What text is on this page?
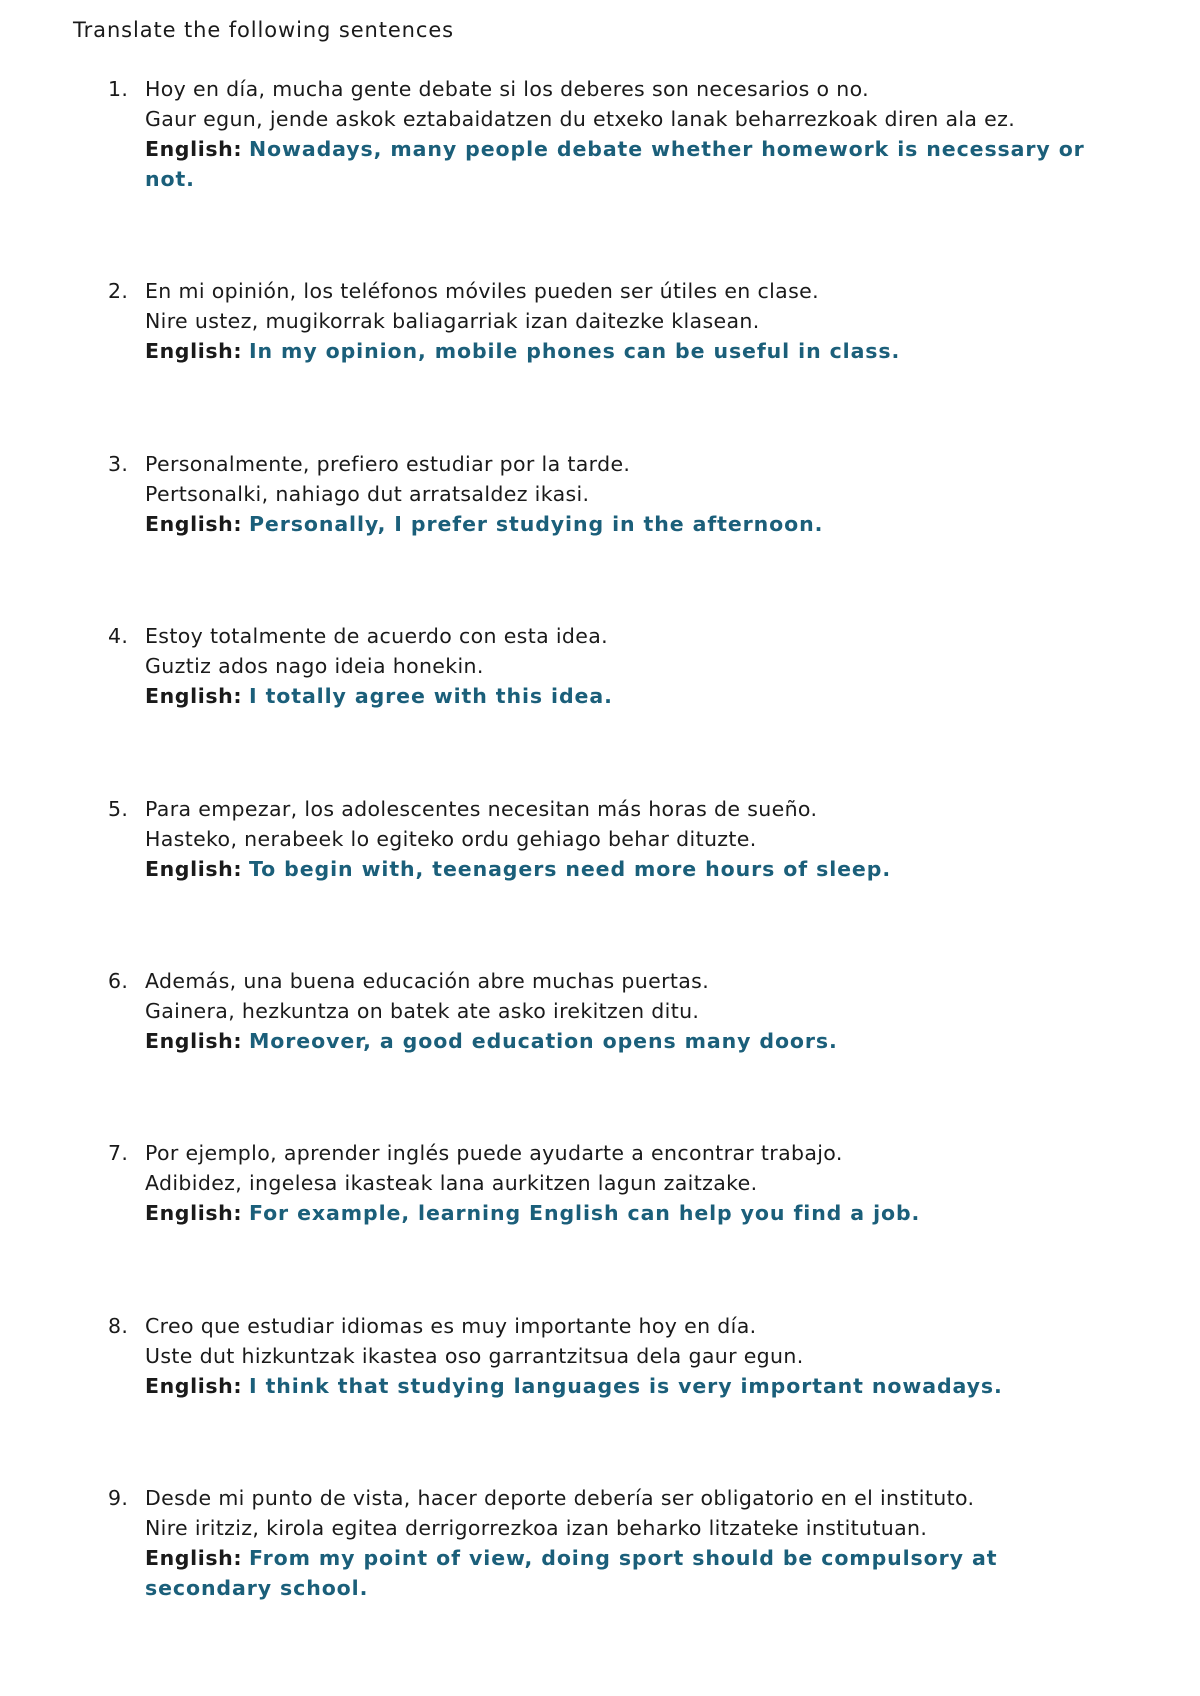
Translate the following sentences
1. Hoy en día, mucha gente debate si los deberes son necesarios o no.
Gaur egun, jende askok eztabaidatzen du etxeko lanak beharrezkoak diren ala ez.
English: Nowadays, many people debate whether homework is necessary or not.
2. En mi opinión, los teléfonos móviles pueden ser útiles en clase.
Nire ustez, mugikorrak baliagarriak izan daitezke klasean.
English: In my opinion, mobile phones can be useful in class.
3. Personalmente, prefiero estudiar por la tarde.
Pertsonalki, nahiago dut arratsaldez ikasi.
English: Personally, I prefer studying in the afternoon.
4. Estoy totalmente de acuerdo con esta idea.
Guztiz ados nago ideia honekin.
English: I totally agree with this idea.
5. Para empezar, los adolescentes necesitan más horas de sueño.
Hasteko, nerabeek lo egiteko ordu gehiago behar dituzte.
English: To begin with, teenagers need more hours of sleep.
6. Además, una buena educación abre muchas puertas.
Gainera, hezkuntza on batek ate asko irekitzen ditu.
English: Moreover, a good education opens many doors.
7. Por ejemplo, aprender inglés puede ayudarte a encontrar trabajo.
Adibidez, ingelesa ikasteak lana aurkitzen lagun zaitzake.
English: For example, learning English can help you find a job.
8. Creo que estudiar idiomas es muy importante hoy en día.
Uste dut hizkuntzak ikastea oso garrantzitsua dela gaur egun.
English: I think that studying languages is very important nowadays.
9. Desde mi punto de vista, hacer deporte debería ser obligatorio en el instituto.
Nire iritziz, kirola egitea derrigorrezkoa izan beharko litzateke institutuan.
English: From my point of view, doing sport should be compulsory at secondary school.
